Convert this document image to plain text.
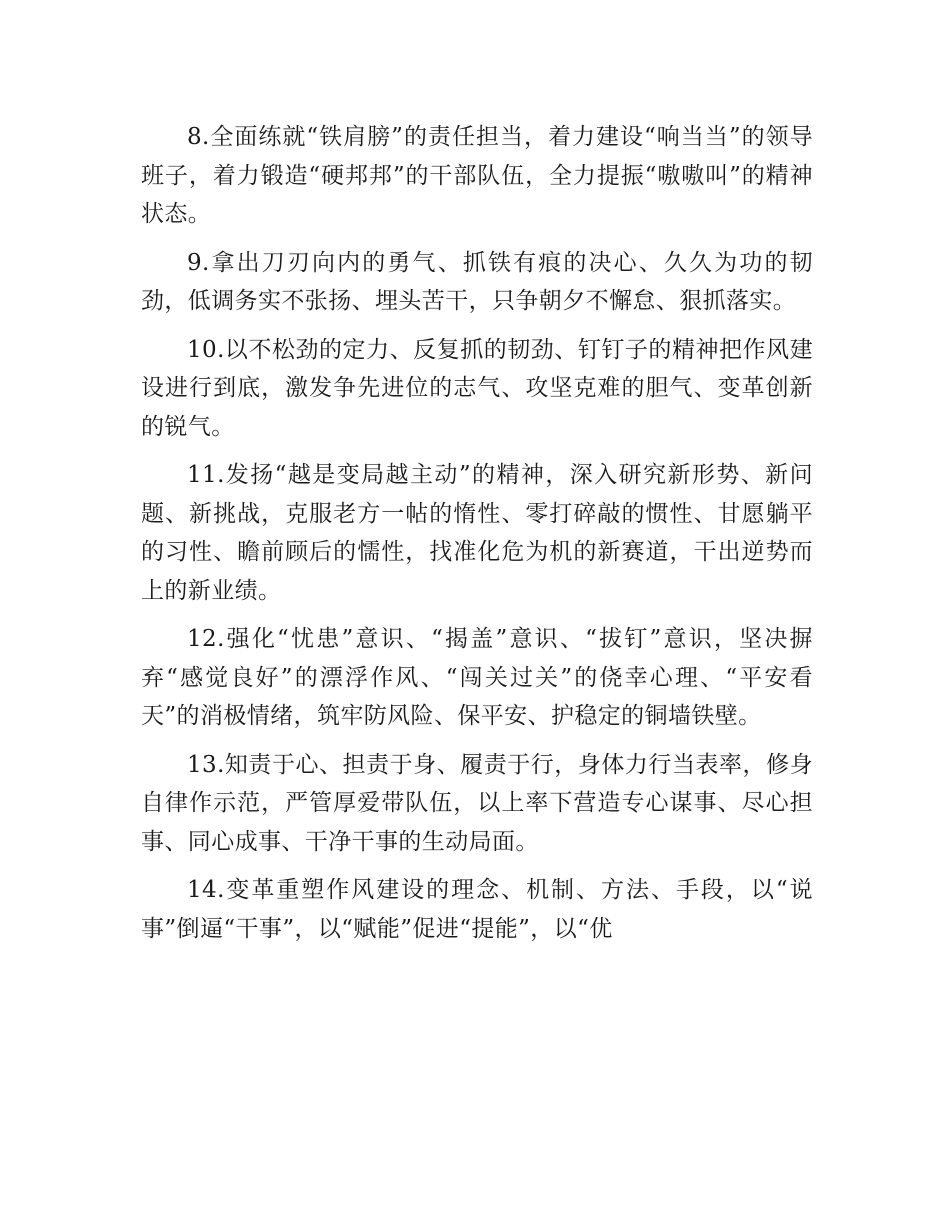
8.全面练就“铁肩膀”的责任担当，着力建设“响当当”的领导班子，着力锻造“硬邦邦”的干部队伍，全力提振“嗷嗷叫”的精神状态。

9.拿出刀刃向内的勇气、抓铁有痕的决心、久久为功的韧劲，低调务实不张扬、埋头苦干，只争朝夕不懈怠、狠抓落实。

10.以不松劲的定力、反复抓的韧劲、钉钉子的精神把作风建设进行到底，激发争先进位的志气、攻坚克难的胆气、变革创新的锐气。

11.发扬“越是变局越主动”的精神，深入研究新形势、新问题、新挑战，克服老方一帖的惰性、零打碎敲的惯性、甘愿躺平的习性、瞻前顾后的懦性，找准化危为机的新赛道，干出逆势而上的新业绩。

12.强化“忧患”意识、“揭盖”意识、“拔钉”意识，坚决摒弃“感觉良好”的漂浮作风、“闯关过关”的侥幸心理、“平安看天”的消极情绪，筑牢防风险、保平安、护稳定的铜墙铁壁。

13.知责于心、担责于身、履责于行，身体力行当表率，修身自律作示范，严管厚爱带队伍，以上率下营造专心谋事、尽心担事、同心成事、干净干事的生动局面。

14.变革重塑作风建设的理念、机制、方法、手段，以“说事”倒逼“干事”，以“赋能”促进“提能”，以“优
